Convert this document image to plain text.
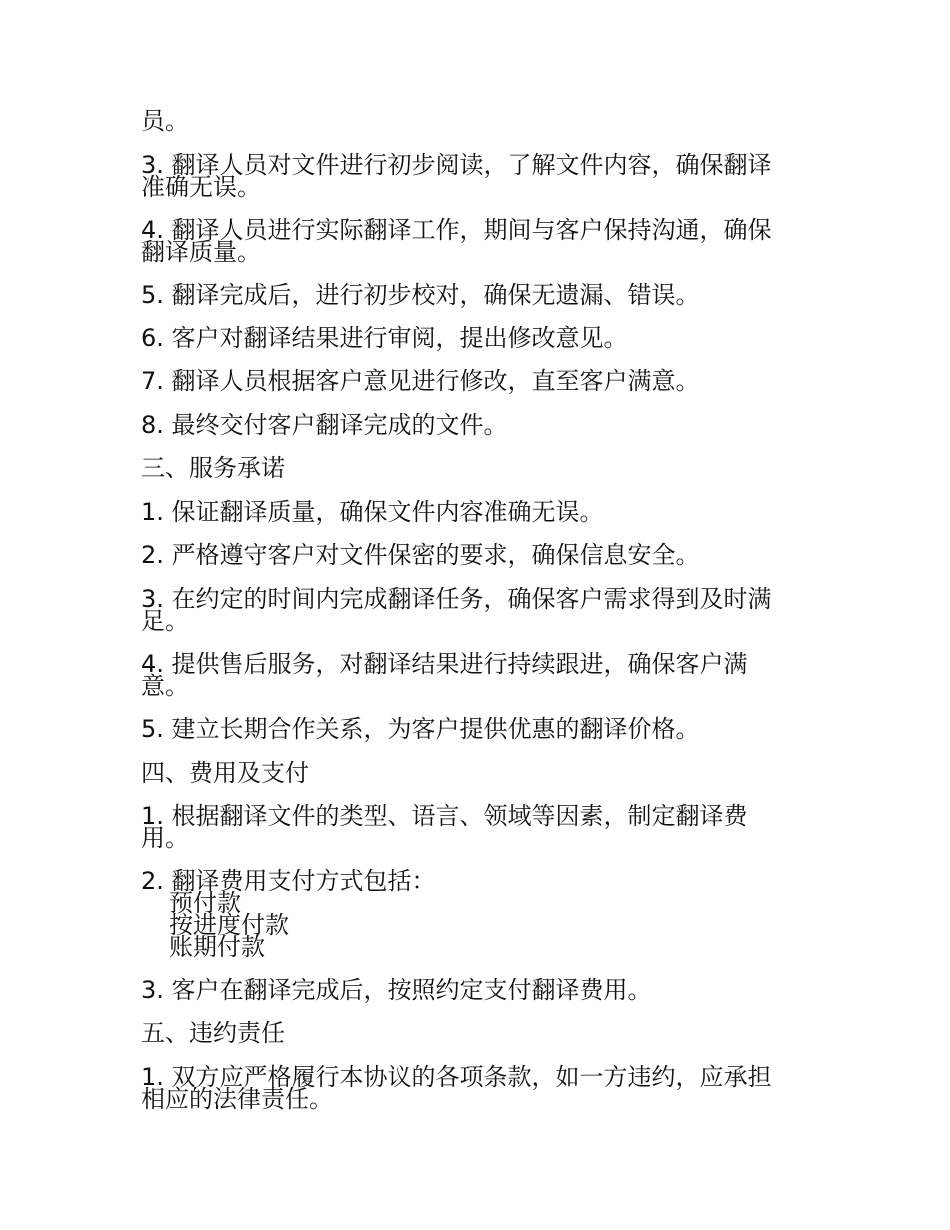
员。
3. 翻译人员对文件进行初步阅读，了解文件内容，确保翻译
准确无误。
4. 翻译人员进行实际翻译工作，期间与客户保持沟通，确保
翻译质量。
5. 翻译完成后，进行初步校对，确保无遗漏、错误。
6. 客户对翻译结果进行审阅，提出修改意见。
7. 翻译人员根据客户意见进行修改，直至客户满意。
8. 最终交付客户翻译完成的文件。
三、服务承诺
1. 保证翻译质量，确保文件内容准确无误。
2. 严格遵守客户对文件保密的要求，确保信息安全。
3. 在约定的时间内完成翻译任务，确保客户需求得到及时满
足。
4. 提供售后服务，对翻译结果进行持续跟进，确保客户满
意。
5. 建立长期合作关系，为客户提供优惠的翻译价格。
四、费用及支付
1. 根据翻译文件的类型、语言、领域等因素，制定翻译费
用。
2. 翻译费用支付方式包括：
预付款
按进度付款
账期付款
3. 客户在翻译完成后，按照约定支付翻译费用。
五、违约责任
1. 双方应严格履行本协议的各项条款，如一方违约，应承担
相应的法律责任。
